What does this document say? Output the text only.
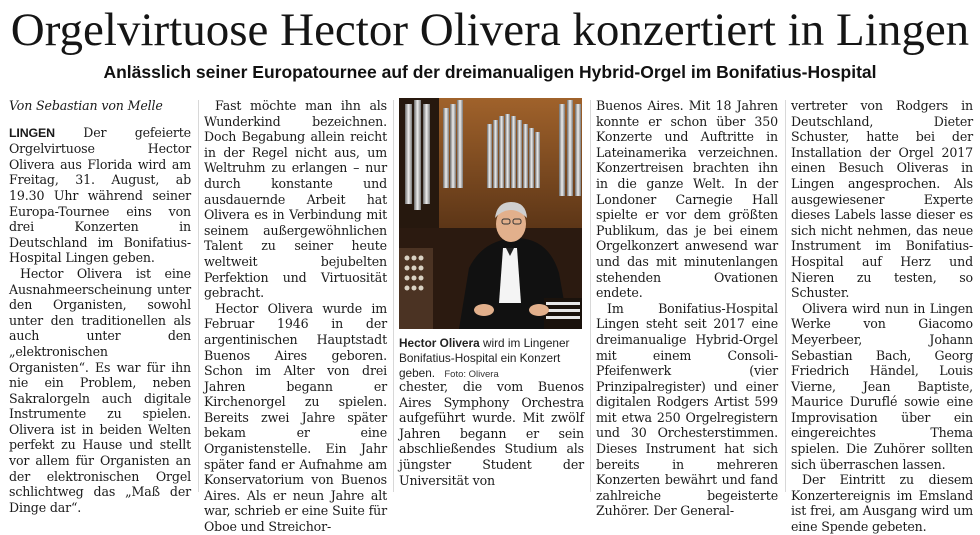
Orgelvirtuose Hector Olivera konzertiert in Lingen
Anlässlich seiner Europatournee auf der dreimanualigen Hybrid-Orgel im Bonifatius-Hospital

Von Sebastian von Melle

LINGEN Der gefeierte Orgelvirtuose Hector Olivera aus Florida wird am Freitag, 31. August, ab 19.30 Uhr während seiner Europa-Tournee eins von drei Konzerten in Deutschland im Bonifatius-Hospital Lingen geben.

Hector Olivera ist eine Ausnahmeerscheinung unter den Organisten, sowohl unter den traditionellen als auch unter den „elektronischen Organisten“. Es war für ihn nie ein Problem, neben Sakralorgeln auch digitale Instrumente zu spielen. Olivera ist in beiden Welten perfekt zu Hause und stellt vor allem für Organisten an der elektronischen Orgel schlichtweg das „Maß der Dinge dar“.

Fast möchte man ihn als Wunderkind bezeichnen. Doch Begabung allein reicht in der Regel nicht aus, um Weltruhm zu erlangen – nur durch konstante und ausdauernde Arbeit hat Olivera es in Verbindung mit seinem außergewöhnlichen Talent zu seiner heute weltweit bejubelten Perfektion und Virtuosität gebracht.

Hector Olivera wurde im Februar 1946 in der argentinischen Hauptstadt Buenos Aires geboren. Schon im Alter von drei Jahren begann er Kirchenorgel zu spielen. Bereits zwei Jahre später bekam er eine Organistenstelle. Ein Jahr später fand er Aufnahme am Konservatorium von Buenos Aires. Als er neun Jahre alt war, schrieb er eine Suite für Oboe und Streichor-

Hector Olivera wird im Lingener Bonifatius-Hospital ein Konzert geben. Foto: Olivera

chester, die vom Buenos Aires Symphony Orchestra aufgeführt wurde. Mit zwölf Jahren begann er sein abschließendes Studium als jüngster Student der Universität von

Buenos Aires. Mit 18 Jahren konnte er schon über 350 Konzerte und Auftritte in Lateinamerika verzeichnen. Konzertreisen brachten ihn in die ganze Welt. In der Londoner Carnegie Hall spielte er vor dem größten Publikum, das je bei einem Orgelkonzert anwesend war und das mit minutenlangen stehenden Ovationen endete.

Im Bonifatius-Hospital Lingen steht seit 2017 eine dreimanualige Hybrid-Orgel mit einem Consoli-Pfeifenwerk (vier Prinzipalregister) und einer digitalen Rodgers Artist 599 mit etwa 250 Orgelregistern und 30 Orchesterstimmen. Dieses Instrument hat sich bereits in mehreren Konzerten bewährt und fand zahlreiche begeisterte Zuhörer. Der General-

vertreter von Rodgers in Deutschland, Dieter Schuster, hatte bei der Installation der Orgel 2017 einen Besuch Oliveras in Lingen angesprochen. Als ausgewiesener Experte dieses Labels lasse dieser es sich nicht nehmen, das neue Instrument im Bonifatius-Hospital auf Herz und Nieren zu testen, so Schuster.

Olivera wird nun in Lingen Werke von Giacomo Meyerbeer, Johann Sebastian Bach, Georg Friedrich Händel, Louis Vierne, Jean Baptiste, Maurice Duruflé sowie eine Improvisation über ein eingereichtes Thema spielen. Die Zuhörer sollten sich überraschen lassen.

Der Eintritt zu diesem Konzertereignis im Emsland ist frei, am Ausgang wird um eine Spende gebeten.
